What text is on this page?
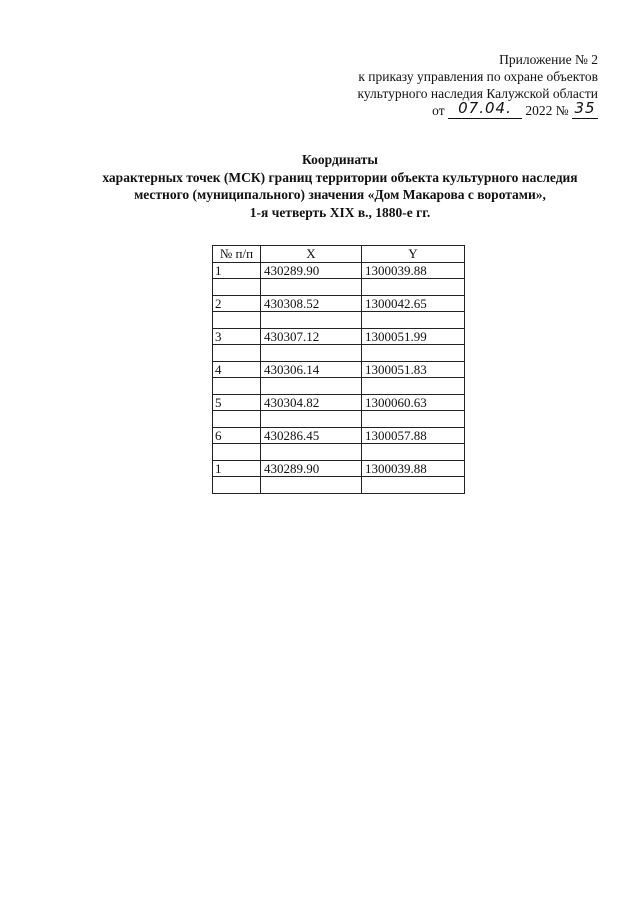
Приложение № 2
к приказу управления по охране объектов
культурного наследия Калужской области
от 07.04. 2022 № 35
Координаты
характерных точек (МСК) границ территории объекта культурного наследия
местного (муниципального) значения «Дом Макарова с воротами»,
1-я четверть XIX в., 1880-е гг.
№ п/п	X	Y
1	430289.90	1300039.88

2	430308.52	1300042.65

3	430307.12	1300051.99

4	430306.14	1300051.83

5	430304.82	1300060.63

6	430286.45	1300057.88

1	430289.90	1300039.88
